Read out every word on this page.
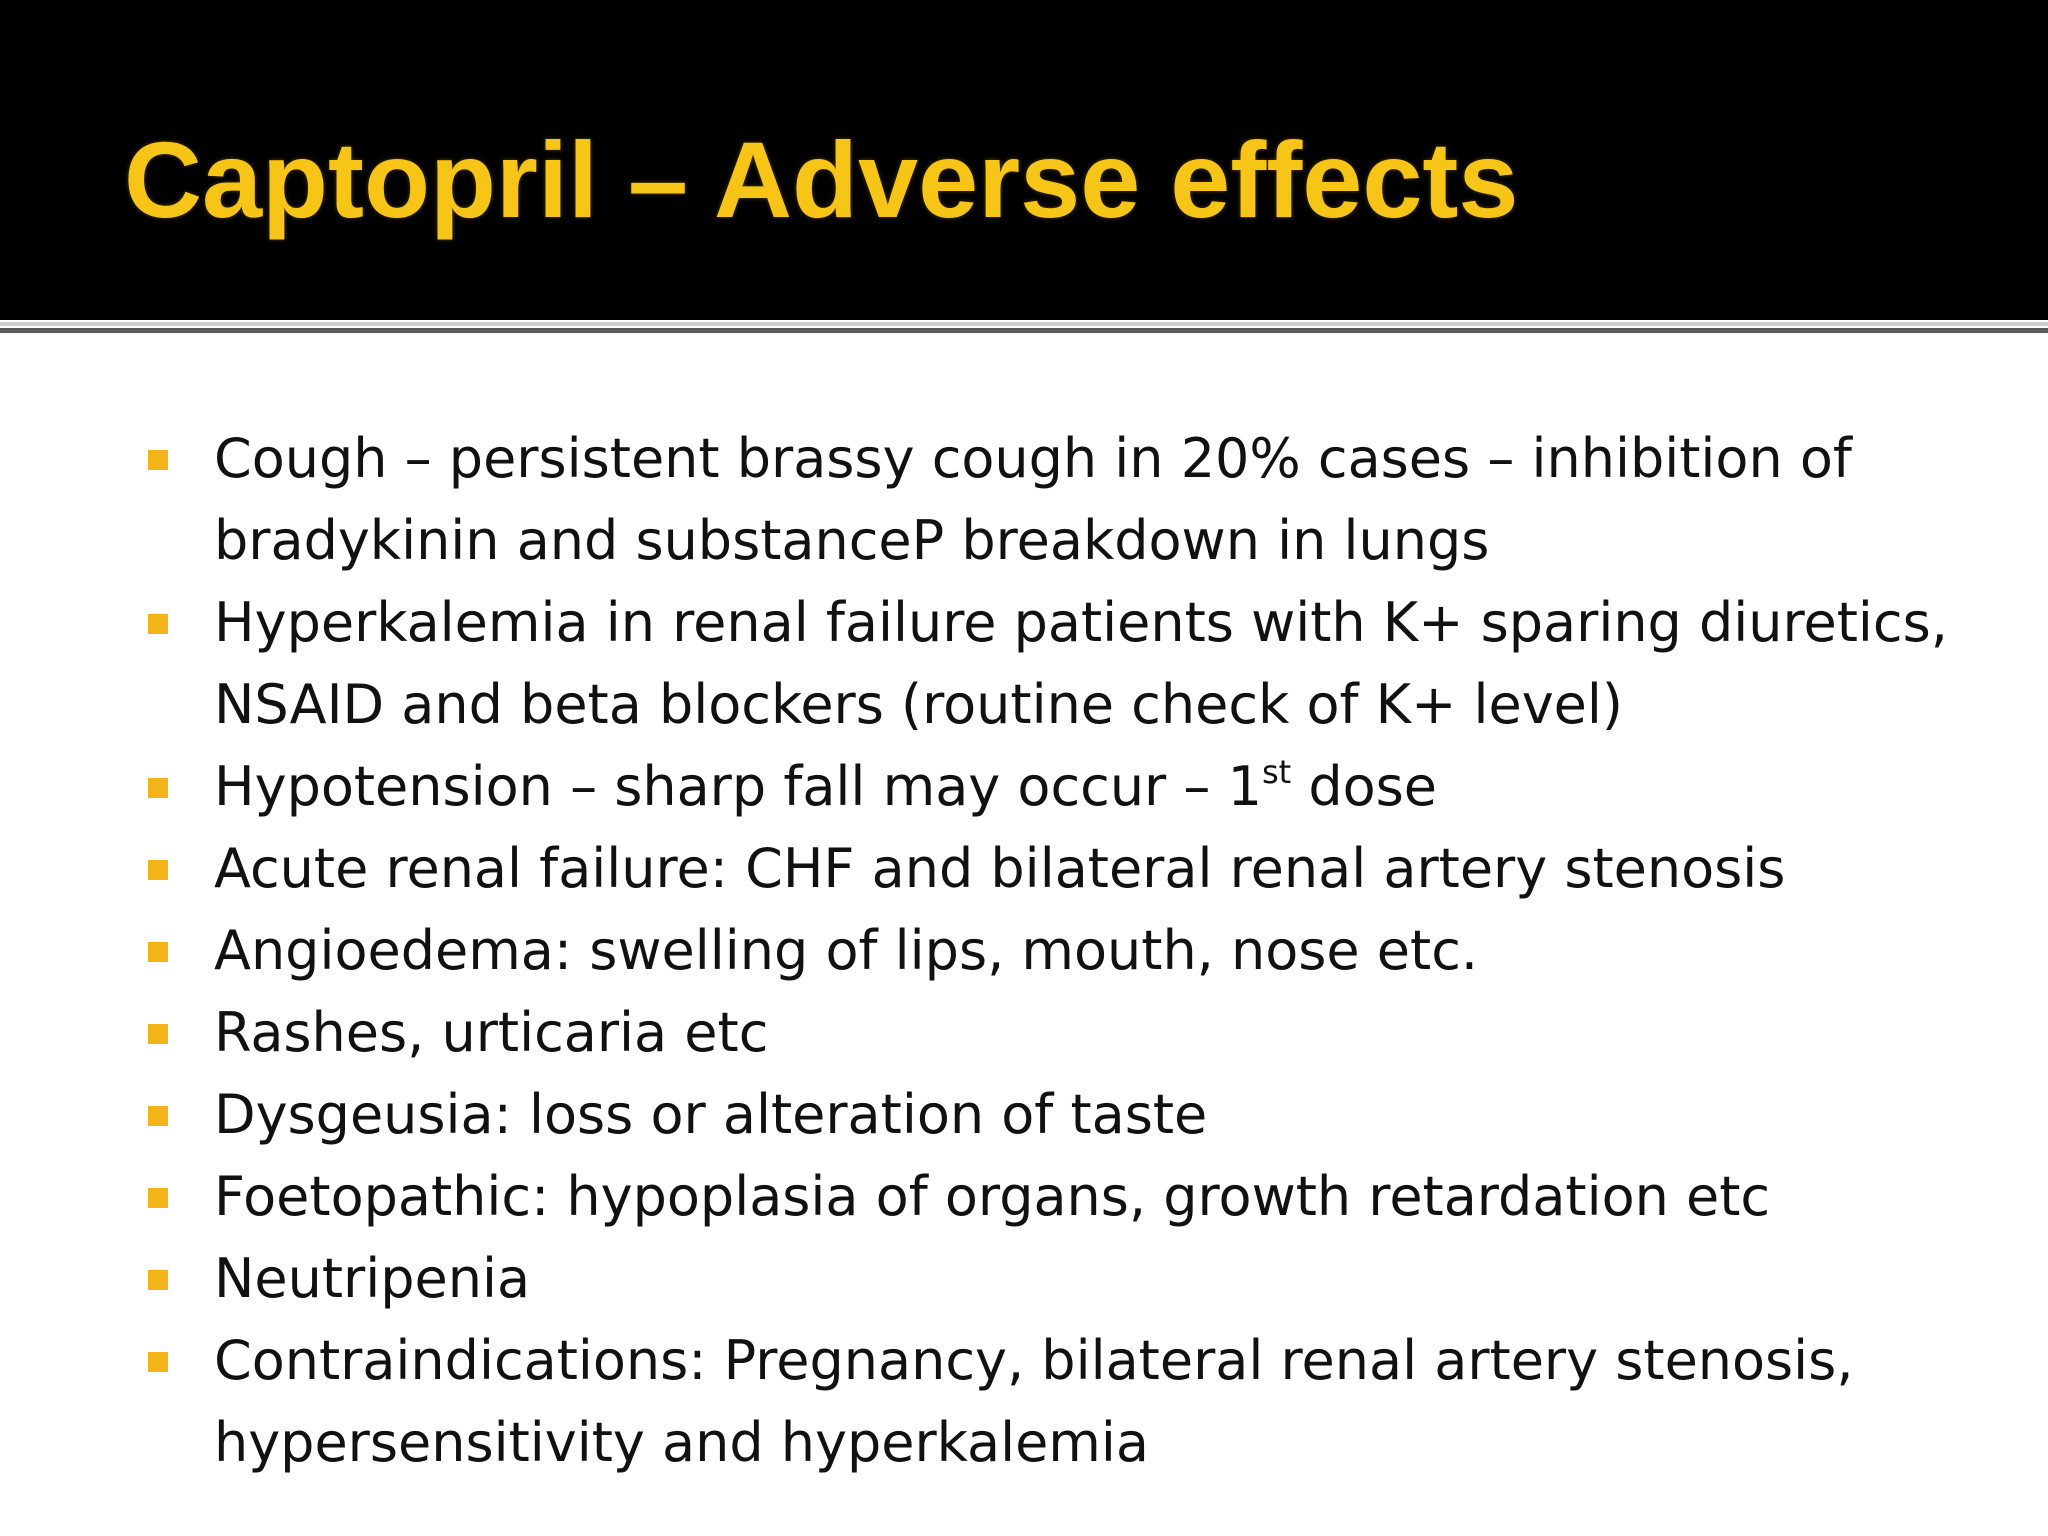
Captopril – Adverse effects
Cough – persistent brassy cough in 20% cases – inhibition of bradykinin and substanceP breakdown in lungs
Hyperkalemia in renal failure patients with K+ sparing diuretics, NSAID and beta blockers (routine check of K+ level)
Hypotension – sharp fall may occur – 1st dose
Acute renal failure: CHF and bilateral renal artery stenosis
Angioedema: swelling of lips, mouth, nose etc.
Rashes, urticaria etc
Dysgeusia: loss or alteration of taste
Foetopathic: hypoplasia of organs, growth retardation etc
Neutripenia
Contraindications: Pregnancy, bilateral renal artery stenosis, hypersensitivity and hyperkalemia
